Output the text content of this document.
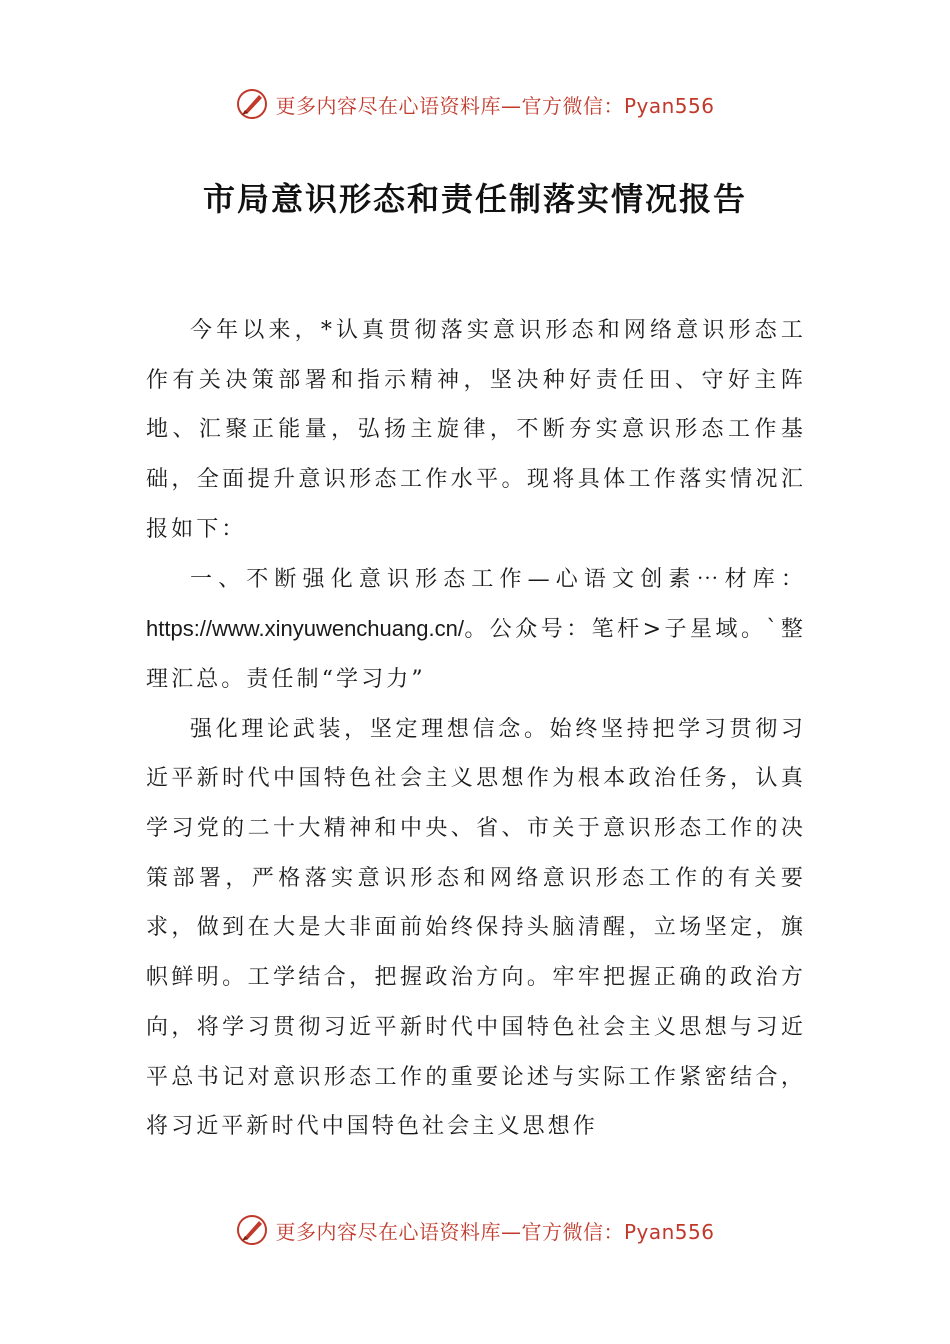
更多内容尽在心语资料库—官方微信：Pyan556
市局意识形态和责任制落实情况报告

今年以来，*认真贯彻落实意识形态和网络意识形态工作有关决策部署和指示精神，坚决种好责任田、守好主阵地、汇聚正能量，弘扬主旋律，不断夯实意识形态工作基础，全面提升意识形态工作水平。现将具体工作落实情况汇报如下：

一、不断强化意识形态工作—心语文创素⋯材库：https://www.xinyuwenchuang.cn/。公众号：笔杆>子星域。`整理汇总。责任制“学习力”

强化理论武装，坚定理想信念。始终坚持把学习贯彻习近平新时代中国特色社会主义思想作为根本政治任务，认真学习党的二十大精神和中央、省、市关于意识形态工作的决策部署，严格落实意识形态和网络意识形态工作的有关要求，做到在大是大非面前始终保持头脑清醒，立场坚定，旗帜鲜明。工学结合，把握政治方向。牢牢把握正确的政治方向，将学习贯彻习近平新时代中国特色社会主义思想与习近平总书记对意识形态工作的重要论述与实际工作紧密结合，将习近平新时代中国特色社会主义思想作

更多内容尽在心语资料库—官方微信：Pyan556
